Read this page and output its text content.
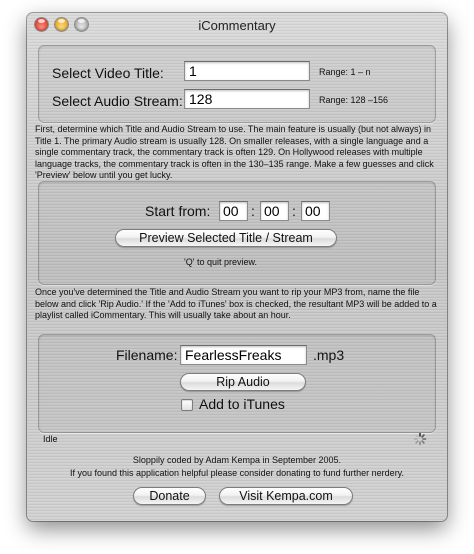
iCommentary
Select Video Title:
1	Range: 1 – n
Select Audio Stream:
128	Range: 128 –156
First, determine which Title and Audio Stream to use. The main feature is usually (but not always) in Title 1. The primary Audio stream is usually 128. On smaller releases, with a single language and a single commentary track, the commentary track is often 129. On Hollywood releases with multiple language tracks, the commentary track is often in the 130–135 range. Make a few guesses and click 'Preview' below until you get lucky.
Start from:
00	:
00	:
00
Preview Selected Title / Stream
'Q' to quit preview.
Once you've determined the Title and Audio Stream you want to rip your MP3 from, name the file below and click 'Rip Audio.' If the 'Add to iTunes' box is checked, the resultant MP3 will be added to a playlist called iCommentary. This will usually take about an hour.
Filename:
FearlessFreaks	.mp3
Rip Audio
Add to iTunes
Idle
Sloppily coded by Adam Kempa in September 2005.
If you found this application helpful please consider donating to fund further nerdery.
Donate	Visit Kempa.com
